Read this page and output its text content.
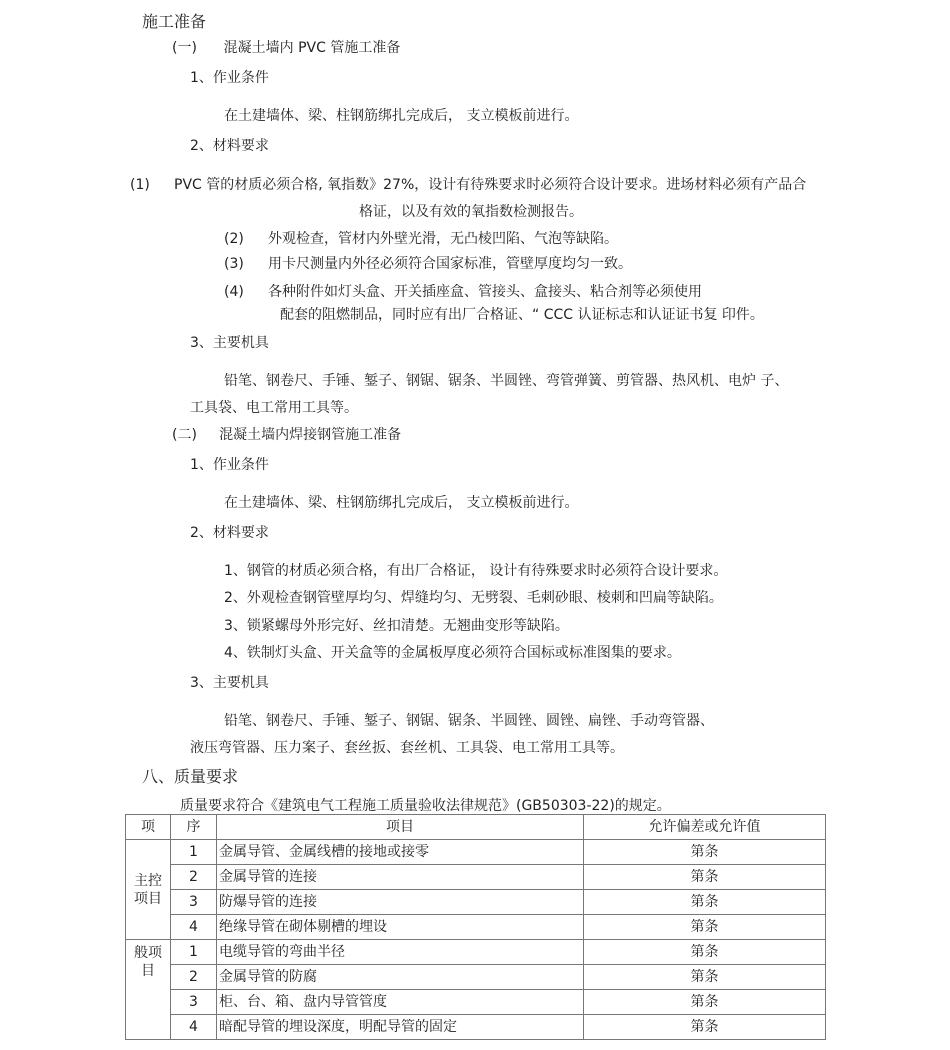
施工准备
(一)      混凝土墙内 PVC 管施工准备
1、作业条件
在土建墙体、梁、柱钢筋绑扎完成后， 支立模板前进行。
2、材料要求
(1) PVC 管的材质必须合格, 氧指数》27%，设计有待殊要求时必须符合设计要求。进场材料必须有产品合
格证，以及有效的氧指数检测报告。
(2) 外观检查，管材内外壁光滑，无凸棱凹陷、气泡等缺陷。
(3) 用卡尺测量内外径必须符合国家标准，管壁厚度均匀一致。
(4) 各种附件如灯头盒、开关插座盒、管接头、盒接头、粘合剂等必须使用
配套的阻燃制品，同时应有出厂合格证、“ CCC 认证标志和认证证书复 印件。
3、主要机具
铅笔、钢卷尺、手锤、錾子、钢锯、锯条、半圆锉、弯管弹簧、剪管器、热风机、电炉 子、
工具袋、电工常用工具等。
(二)     混凝土墙内焊接钢管施工准备
1、作业条件
在土建墙体、梁、柱钢筋绑扎完成后， 支立模板前进行。
2、材料要求
1、钢管的材质必须合格，有出厂合格证， 设计有待殊要求时必须符合设计要求。
2、外观检查钢管壁厚均匀、焊缝均匀、无劈裂、毛刺砂眼、棱刺和凹扁等缺陷。
3、锁紧螺母外形完好、丝扣清楚。无翘曲变形等缺陷。
4、铁制灯头盒、开关盒等的金属板厚度必须符合国标或标准图集的要求。
3、主要机具
铅笔、钢卷尺、手锤、錾子、钢锯、锯条、半圆锉、圆锉、扁锉、手动弯管器、
液压弯管器、压力案子、套丝扳、套丝机、工具袋、电工常用工具等。
八、质量要求
质量要求符合《建筑电气工程施工质量验收法律规范》(GB50303-22)的规定。
项	序	项目	允许偏差或允许值

主控
项目	1	金属导管、金属线槽的接地或接零	第条
	2	金属导管的连接	第条
	3	防爆导管的连接	第条
	4	绝缘导管在砌体剔槽的埋设	第条

般项
目	1	电缆导管的弯曲半径	第条
	2	金属导管的防腐	第条
	3	柜、台、箱、盘内导管管度	第条
	4	暗配导管的埋设深度，明配导管的固定	第条
